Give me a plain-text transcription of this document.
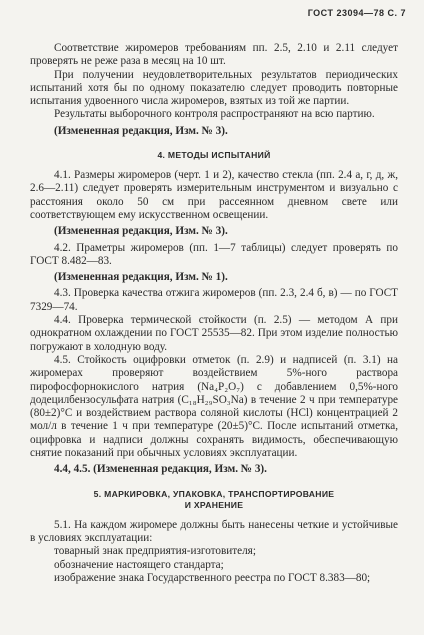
ГОСТ 23094—78 С. 7

Соответствие жиромеров требованиям пп. 2.5, 2.10 и 2.11 следует проверять не реже раза в месяц на 10 шт.

При получении неудовлетворительных результатов периодических испытаний хотя бы по одному показателю следует проводить повторные испытания удвоенного числа жиромеров, взятых из той же партии.

Результаты выборочного контроля распространяют на всю партию.

(Измененная редакция, Изм. № 3).

4. МЕТОДЫ ИСПЫТАНИЙ

4.1. Размеры жиромеров (черт. 1 и 2), качество стекла (пп. 2.4 а, г, д, ж, 2.6—2.11) следует проверять измерительным инструментом и визуально с расстояния около 50 см при рассеянном дневном свете или соответствующем ему искусственном освещении.

(Измененная редакция, Изм. № 3).

4.2. Праметры жиромеров (пп. 1—7 таблицы) следует проверять по ГОСТ 8.482—83.

(Измененная редакция, Изм. № 1).

4.3. Проверка качества отжига жиромеров (пп. 2.3, 2.4 б, в) — по ГОСТ 7329—74.

4.4. Проверка термической стойкости (п. 2.5) — методом А при однократном охлаждении по ГОСТ 25535—82. При этом изделие полностью погружают в холодную воду.

4.5. Стойкость оцифровки отметок (п. 2.9) и надписей (п. 3.1) на жиромерах проверяют воздействием 5%-ного раствора пирофосфорнокислого натрия (Na₄P₂O₇) с добавлением 0,5%-ного додецилбензосульфата натрия (C₁₈H₂₉SO₃Na) в течение 2 ч при температуре (80±2)°С и воздействием раствора соляной кислоты (HCl) концентрацией 2 мол/л в течение 1 ч при температуре (20±5)°С. После испытаний отметка, оцифровка и надписи должны сохранять видимость, обеспечивающую снятие показаний при обычных условиях эксплуатации.

4.4, 4.5. (Измененная редакция, Изм. № 3).

5. МАРКИРОВКА, УПАКОВКА, ТРАНСПОРТИРОВАНИЕ
И ХРАНЕНИЕ

5.1. На каждом жиромере должны быть нанесены четкие и устойчивые в условиях эксплуатации:

товарный знак предприятия-изготовителя;

обозначение настоящего стандарта;

изображение знака Государственного реестра по ГОСТ 8.383—80;
